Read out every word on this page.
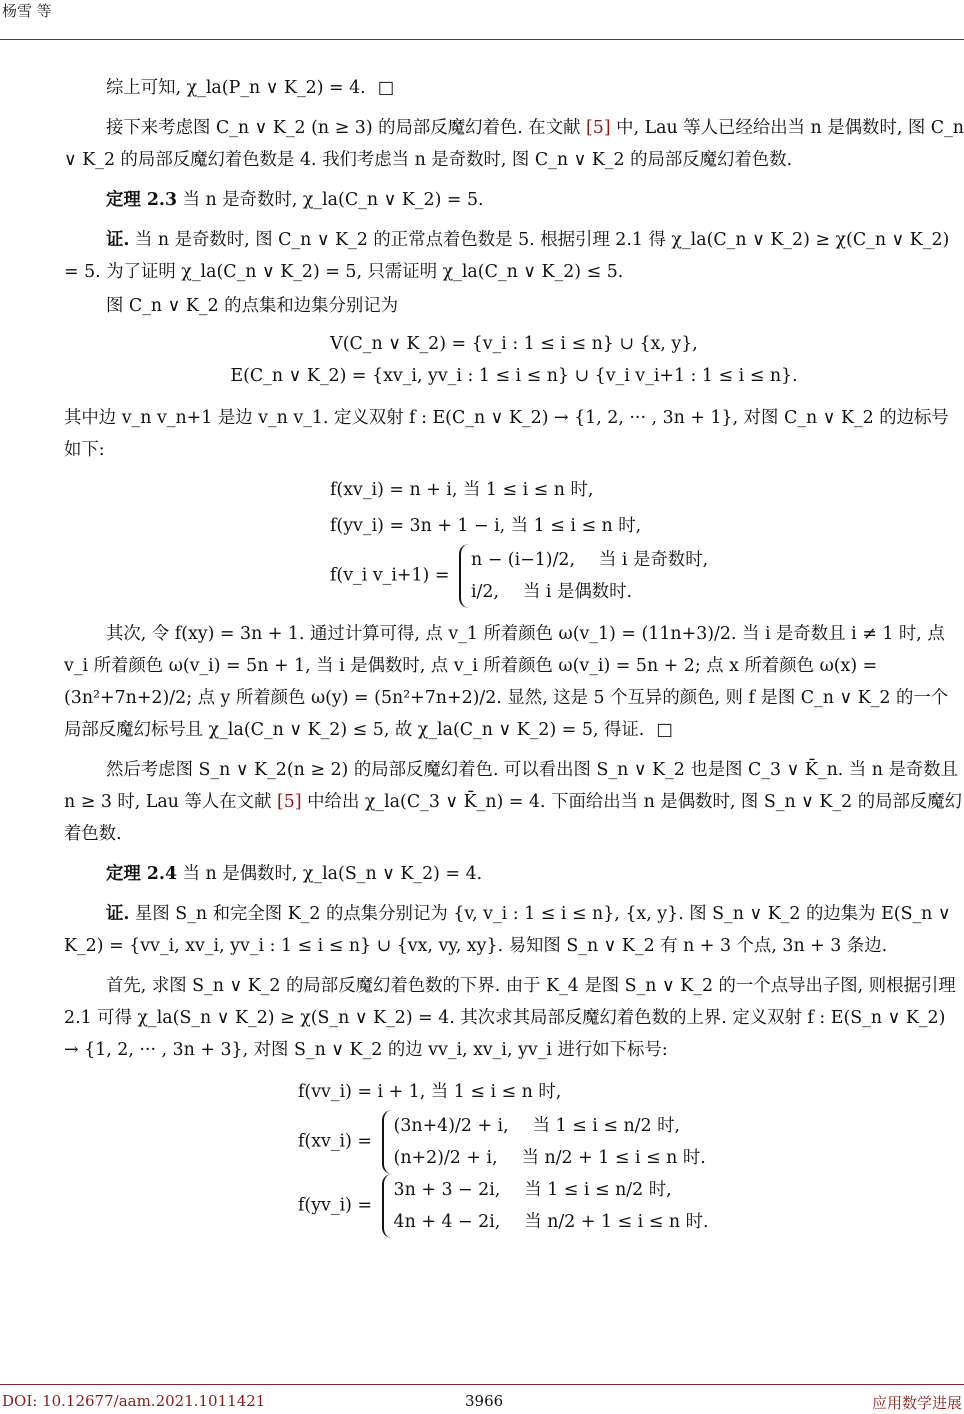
杨雪 等

综上可知, χ_la(P_n ∨ K_2) = 4. □

接下来考虑图 C_n ∨ K_2 (n ≥ 3) 的局部反魔幻着色. 在文献 [5] 中, Lau 等人已经给出当 n 是偶数时, 图 C_n ∨ K_2 的局部反魔幻着色数是 4. 我们考虑当 n 是奇数时, 图 C_n ∨ K_2 的局部反魔幻着色数.

定理 2.3 当 n 是奇数时, χ_la(C_n ∨ K_2) = 5.

证. 当 n 是奇数时, 图 C_n ∨ K_2 的正常点着色数是 5. 根据引理 2.1 得 χ_la(C_n ∨ K_2) ≥ χ(C_n ∨ K_2) = 5. 为了证明 χ_la(C_n ∨ K_2) = 5, 只需证明 χ_la(C_n ∨ K_2) ≤ 5.

图 C_n ∨ K_2 的点集和边集分别记为

V(C_n ∨ K_2) = {v_i : 1 ≤ i ≤ n} ∪ {x, y},

E(C_n ∨ K_2) = {xv_i, yv_i : 1 ≤ i ≤ n} ∪ {v_i v_i+1 : 1 ≤ i ≤ n}.

其中边 v_n v_n+1 是边 v_n v_1. 定义双射 f : E(C_n ∨ K_2) → {1, 2, ··· , 3n + 1}, 对图 C_n ∨ K_2 的边标号如下:

f(xv_i) = n + i, 当 1 ≤ i ≤ n 时,
f(yv_i) = 3n + 1 − i, 当 1 ≤ i ≤ n 时,
f(v_i v_i+1) =
n − (i−1)/2, 当 i 是奇数时,
i/2, 当 i 是偶数时.

其次, 令 f(xy) = 3n + 1. 通过计算可得, 点 v_1 所着颜色 ω(v_1) = (11n+3)/2. 当 i 是奇数且 i ≠ 1 时, 点 v_i 所着颜色 ω(v_i) = 5n + 1, 当 i 是偶数时, 点 v_i 所着颜色 ω(v_i) = 5n + 2; 点 x 所着颜色 ω(x) = (3n²+7n+2)/2; 点 y 所着颜色 ω(y) = (5n²+7n+2)/2. 显然, 这是 5 个互异的颜色, 则 f 是图 C_n ∨ K_2 的一个局部反魔幻标号且 χ_la(C_n ∨ K_2) ≤ 5, 故 χ_la(C_n ∨ K_2) = 5, 得证. □

然后考虑图 S_n ∨ K_2(n ≥ 2) 的局部反魔幻着色. 可以看出图 S_n ∨ K_2 也是图 C_3 ∨ K̄_n. 当 n 是奇数且 n ≥ 3 时, Lau 等人在文献 [5] 中给出 χ_la(C_3 ∨ K̄_n) = 4. 下面给出当 n 是偶数时, 图 S_n ∨ K_2 的局部反魔幻着色数.

定理 2.4 当 n 是偶数时, χ_la(S_n ∨ K_2) = 4.

证. 星图 S_n 和完全图 K_2 的点集分别记为 {v, v_i : 1 ≤ i ≤ n}, {x, y}. 图 S_n ∨ K_2 的边集为 E(S_n ∨ K_2) = {vv_i, xv_i, yv_i : 1 ≤ i ≤ n} ∪ {vx, vy, xy}. 易知图 S_n ∨ K_2 有 n + 3 个点, 3n + 3 条边.

首先, 求图 S_n ∨ K_2 的局部反魔幻着色数的下界. 由于 K_4 是图 S_n ∨ K_2 的一个点导出子图, 则根据引理 2.1 可得 χ_la(S_n ∨ K_2) ≥ χ(S_n ∨ K_2) = 4. 其次求其局部反魔幻着色数的上界. 定义双射 f : E(S_n ∨ K_2) → {1, 2, ··· , 3n + 3}, 对图 S_n ∨ K_2 的边 vv_i, xv_i, yv_i 进行如下标号:

f(vv_i) = i + 1, 当 1 ≤ i ≤ n 时,
f(xv_i) =
(3n+4)/2 + i, 当 1 ≤ i ≤ n/2 时,
(n+2)/2 + i, 当 n/2 + 1 ≤ i ≤ n 时.
f(yv_i) =
3n + 3 − 2i, 当 1 ≤ i ≤ n/2 时,
4n + 4 − 2i, 当 n/2 + 1 ≤ i ≤ n 时.
DOI: 10.12677/aam.2021.1011421	3966	应用数学进展
